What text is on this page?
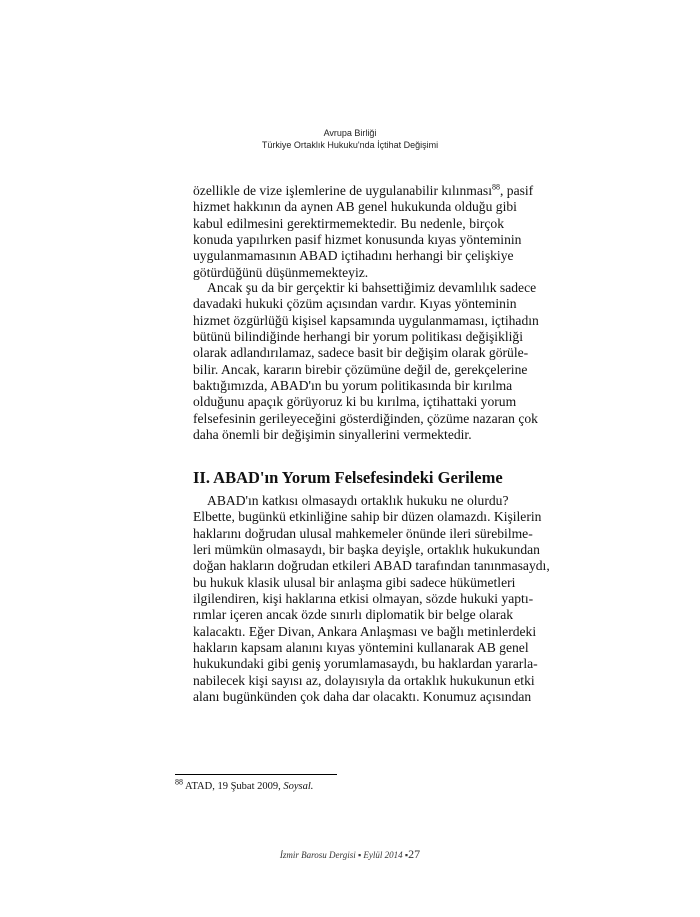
Avrupa Birliği
Türkiye Ortaklık Hukuku'nda İçtihat Değişimi
özellikle de vize işlemlerine de uygulanabilir kılınması$^{88}$, pasif
hizmet hakkının da aynen AB genel hukukunda olduğu gibi
kabul edilmesini gerektirmemektedir. Bu nedenle, birçok
konuda yapılırken pasif hizmet konusunda kıyas yönteminin
uygulanmamasının ABAD içtihadını herhangi bir çelişkiye
götürdüğünü düşünmemekteyiz.
Ancak şu da bir gerçektir ki bahsettiğimiz devamlılık sadece
davadaki hukuki çözüm açısından vardır. Kıyas yönteminin
hizmet özgürlüğü kişisel kapsamında uygulanmaması, içtihadın
bütünü bilindiğinde herhangi bir yorum politikası değişikliği
olarak adlandırılamaz, sadece basit bir değişim olarak görüle-
bilir. Ancak, kararın birebir çözümüne değil de, gerekçelerine
baktığımızda, ABAD'ın bu yorum politikasında bir kırılma
olduğunu apaçık görüyoruz ki bu kırılma, içtihattaki yorum
felsefesinin gerileyeceğini gösterdiğinden, çözüme nazaran çok
daha önemli bir değişimin sinyallerini vermektedir.
II. ABAD'ın Yorum Felsefesindeki Gerileme
ABAD'ın katkısı olmasaydı ortaklık hukuku ne olurdu?
Elbette, bugünkü etkinliğine sahip bir düzen olamazdı. Kişilerin
haklarını doğrudan ulusal mahkemeler önünde ileri sürebilme-
leri mümkün olmasaydı, bir başka deyişle, ortaklık hukukundan
doğan hakların doğrudan etkileri ABAD tarafından tanınmasaydı,
bu hukuk klasik ulusal bir anlaşma gibi sadece hükümetleri
ilgilendiren, kişi haklarına etkisi olmayan, sözde hukuki yaptı-
rımlar içeren ancak özde sınırlı diplomatik bir belge olarak
kalacaktı. Eğer Divan, Ankara Anlaşması ve bağlı metinlerdeki
hakların kapsam alanını kıyas yöntemini kullanarak AB genel
hukukundaki gibi geniş yorumlamasaydı, bu haklardan yararla-
nabilecek kişi sayısı az, dolayısıyla da ortaklık hukukunun etki
alanı bugünkünden çok daha dar olacaktı. Konumuz açısından
$^{88}$ ATAD, 19 Şubat 2009, Soysal.
İzmir Barosu Dergisi ▪ Eylül 2014 ▪27
